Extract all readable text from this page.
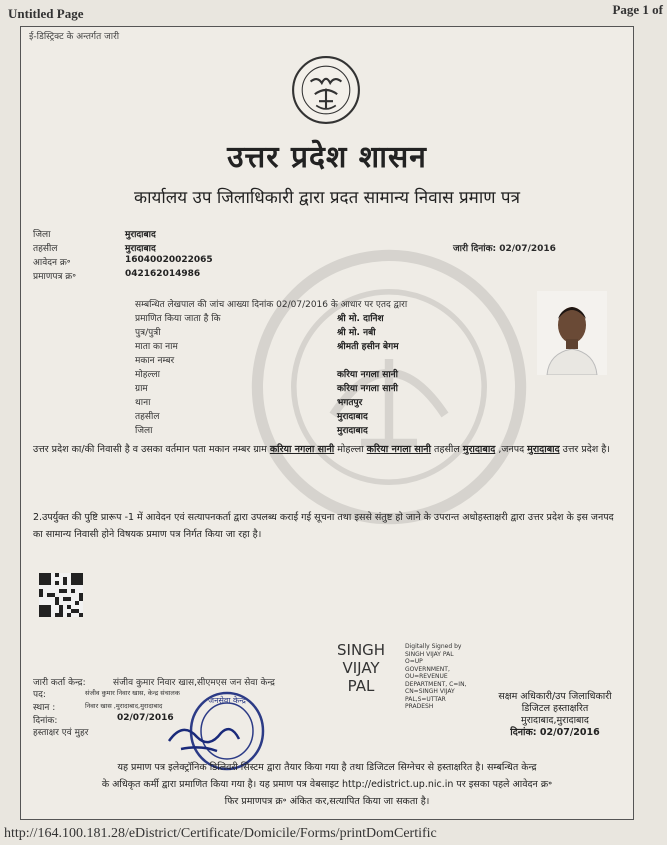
Untitled Page	Page 1 of
ई-डिस्ट्रिक्ट के अन्तर्गत जारी
उत्तर प्रदेश शासन
कार्यालय उप जिलाधिकारी द्वारा प्रदत सामान्य निवास प्रमाण पत्र
जिला	मुरादाबाद
तहसील	मुरादाबाद
आवेदन क्र॰	16040020022065
प्रमाणपत्र क्र॰	042162014986
जारी दिनांक: 02/07/2016
सम्बन्धित लेखपाल की जांच आख्या दिनांक 02/07/2016 के आधार पर एतद द्वारा
प्रमाणित किया जाता है कि	श्री मो. दानिश
पुत्र/पुत्री	श्री मो. नबी
माता का नाम	श्रीमती हसीन बेगम
मकान नम्बर
मोहल्ला	करिया नगला सानी
ग्राम	करिया नगला सानी
थाना	भगतपुर
तहसील	मुरादाबाद
जिला	मुरादाबाद
उत्तर प्रदेश का/की निवासी है व उसका वर्तमान पता मकान नम्बर ग्राम करिया नगला सानी मोहल्ला करिया नगला सानी तहसील मुरादाबाद ,जनपद मुरादाबाद उत्तर प्रदेश है।
2.उपर्युक्त की पुष्टि प्रारूप -1 में आवेदन एवं सत्यापनकर्ता द्वारा उपलब्ध कराई गई सूचना तथा इससे संतुष्ट हो जाने के उपरान्त अधोहस्ताक्षरी द्वारा उत्तर प्रदेश के इस जनपद का सामान्य निवासी होने विषयक प्रमाण पत्र निर्गत किया जा रहा है।
SINGH
VIJAY
PAL
Digitally Signed by
SINGH VIJAY PAL
O=UP
GOVERNMENT,
OU=REVENUE
DEPARTMENT, C=IN,
CN=SINGH VIJAY
PAL,S=UTTAR
PRADESH
जारी कर्ता केन्द्र:	संजीव कुमार निवार खास,सीएमएस जन सेवा केन्द्र
पद:	संजीव कुमार निवार खास, केन्द्र संचालक
स्थान :	निवार खास ,मुरादाबाद,मुरादाबाद
दिनांक:	02/07/2016
हस्ताक्षर एवं मुहर
जनसेवा केन्द्र	सक्षम अधिकारी/उप जिलाधिकारी
डिजिटल हस्ताक्षरित
मुरादाबाद,मुरादाबाद
दिनांक: 02/07/2016
यह प्रमाण पत्र इलेक्ट्रॉनिक डिलिवरी सिस्टम द्वारा तैयार किया गया है तथा डिजिटल सिग्नेचर से हस्ताक्षरित है। सम्बन्धित केन्द्र
के अधिकृत कर्मी द्वारा प्रमाणित किया गया है। यह प्रमाण पत्र वेबसाइट http://edistrict.up.nic.in पर इसका पहले आवेदन क्र॰
फिर प्रमाणपत्र क्र॰ अंकित कर,सत्यापित किया जा सकता है।
http://164.100.181.28/eDistrict/Certificate/Domicile/Forms/printDomCertific
